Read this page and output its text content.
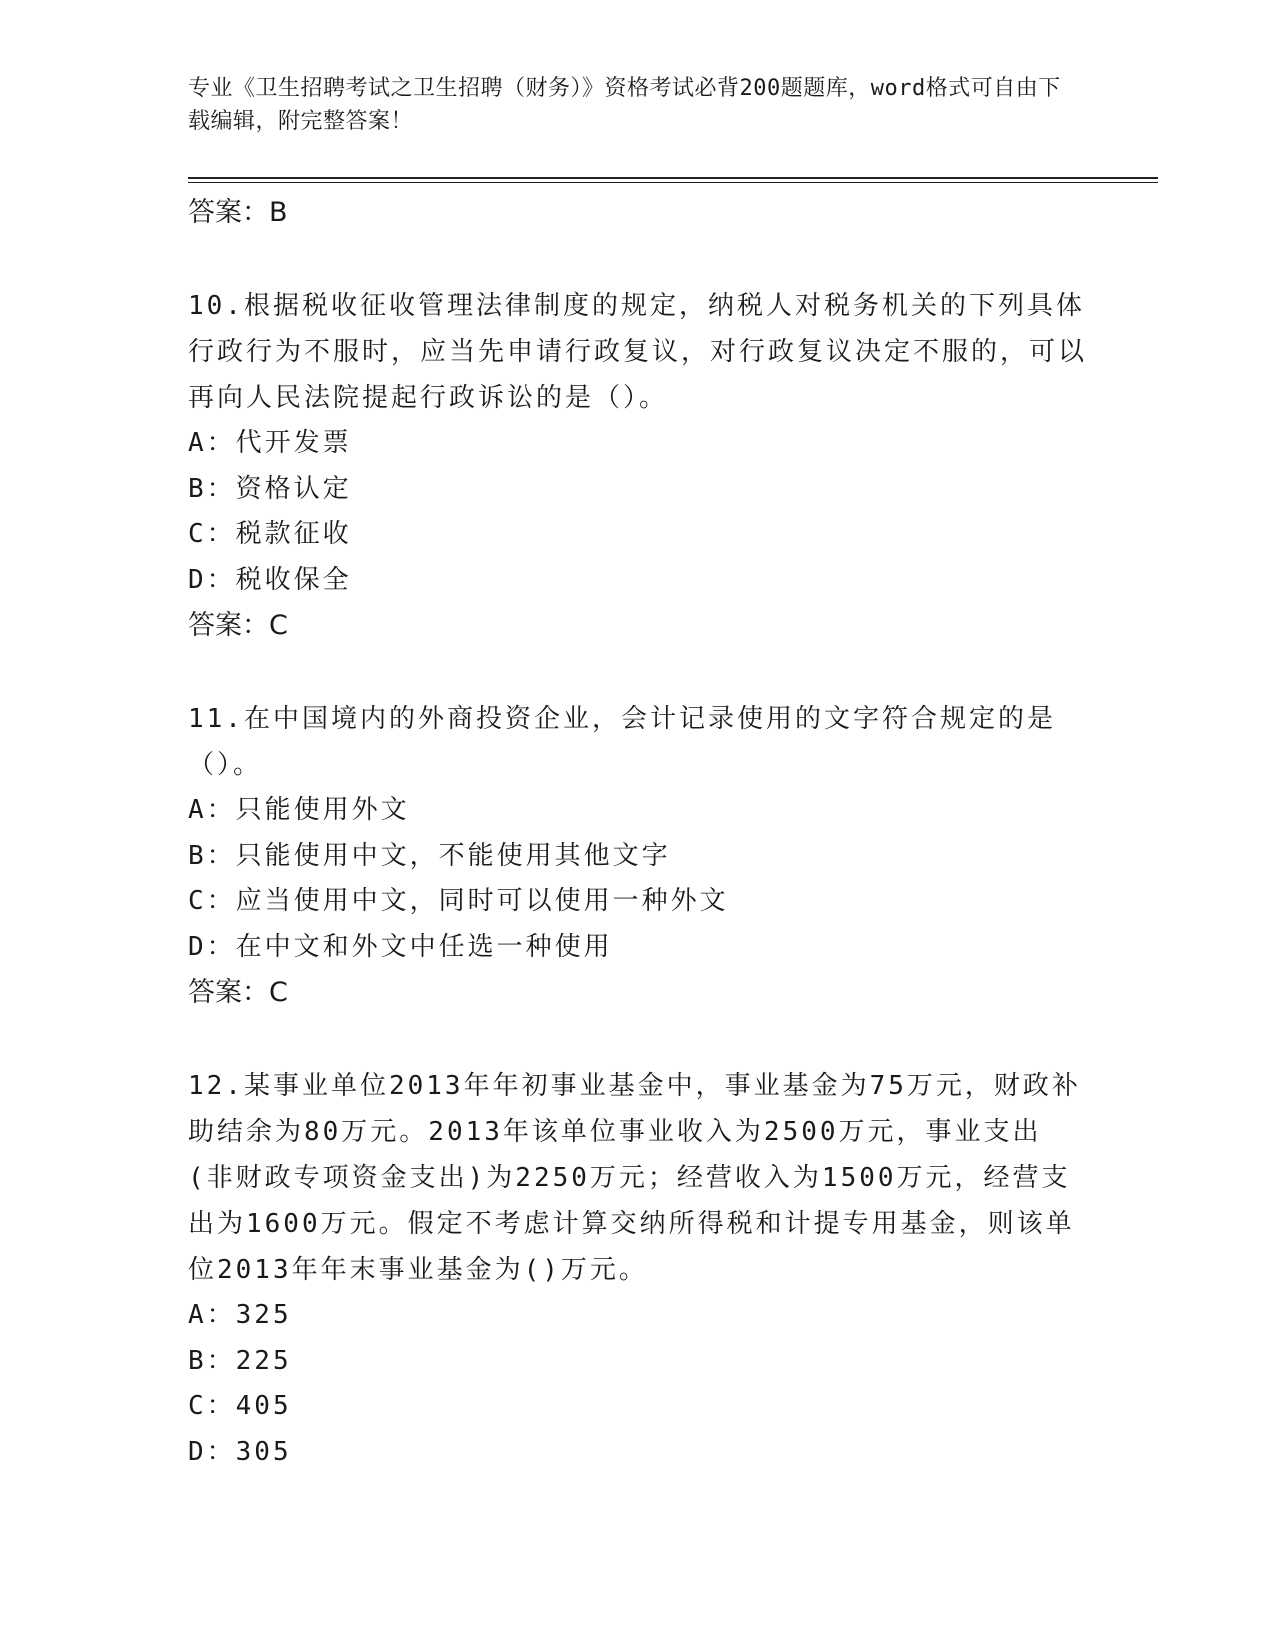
专业《卫生招聘考试之卫生招聘（财务）》资格考试必背200题题库，word格式可自由下载编辑，附完整答案！
答案：B
10.根据税收征收管理法律制度的规定，纳税人对税务机关的下列具体行政行为不服时，应当先申请行政复议，对行政复议决定不服的，可以再向人民法院提起行政诉讼的是（）。
A：代开发票
B：资格认定
C：税款征收
D：税收保全
答案：C
11.在中国境内的外商投资企业，会计记录使用的文字符合规定的是（）。
A：只能使用外文
B：只能使用中文，不能使用其他文字
C：应当使用中文，同时可以使用一种外文
D：在中文和外文中任选一种使用
答案：C
12.某事业单位2013年年初事业基金中，事业基金为75万元，财政补助结余为80万元。2013年该单位事业收入为2500万元，事业支出(非财政专项资金支出)为2250万元；经营收入为1500万元，经营支出为1600万元。假定不考虑计算交纳所得税和计提专用基金，则该单位2013年年末事业基金为()万元。
A：325
B：225
C：405
D：305
